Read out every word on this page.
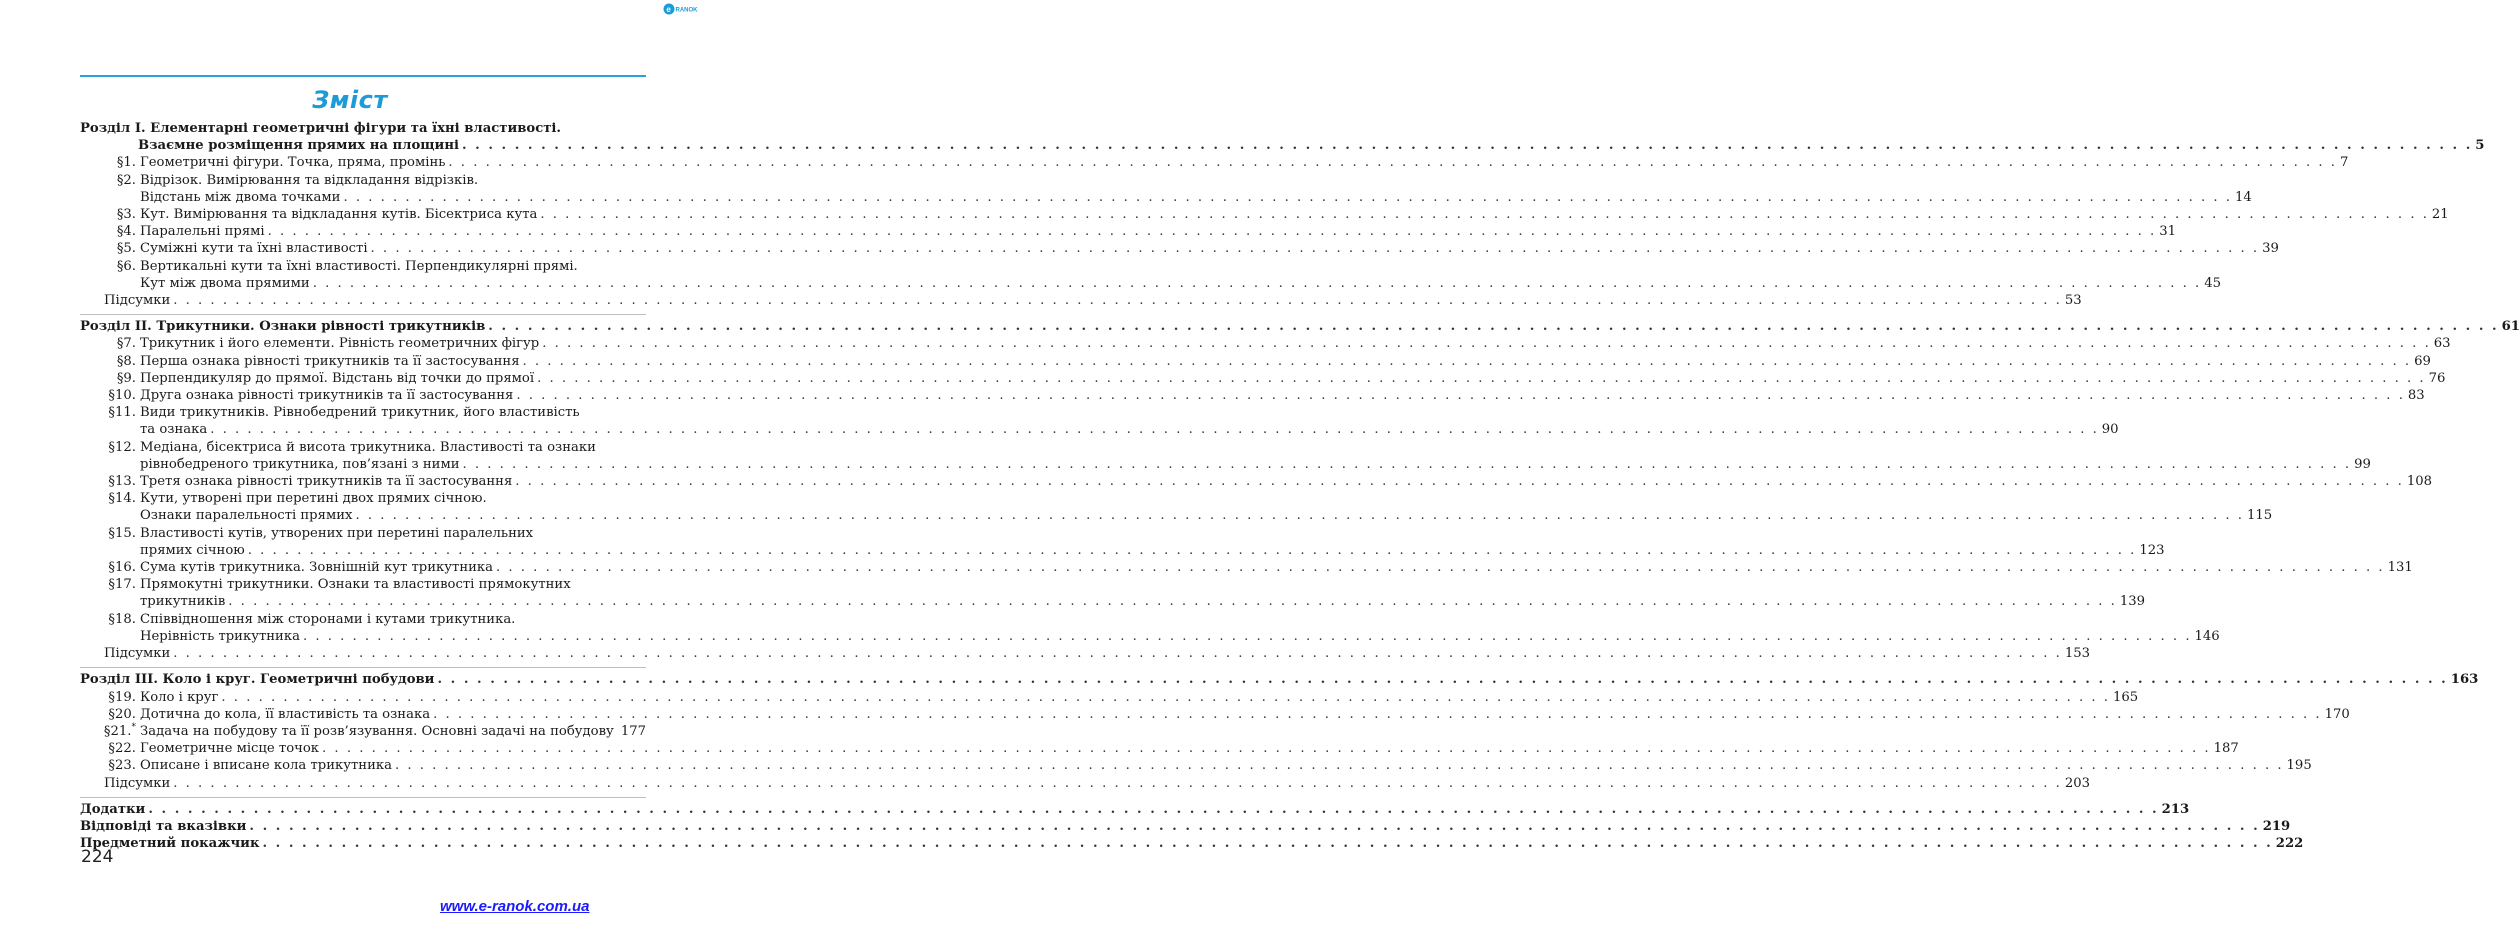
e RANOK
Зміст
Розділ I. Елементарні геометричні фігури та їхні властивості.
Взаємне розміщення прямих на площині . . .	5
§1. Геометричні фігури. Точка, пряма, промінь . . .	7
§2. Відрізок. Вимірювання та відкладання відрізків.
Відстань між двома точками . . .	14
§3. Кут. Вимірювання та відкладання кутів. Бісектриса кута . . .	21
§4. Паралельні прямі . . .	31
§5. Суміжні кути та їхні властивості . . .	39
§6. Вертикальні кути та їхні властивості. Перпендикулярні прямі.
Кут між двома прямими . . .	45
Підсумки . . .	53
Розділ II. Трикутники. Ознаки рівності трикутників . . .	61
§7. Трикутник і його елементи. Рівність геометричних фігур . . .	63
§8. Перша ознака рівності трикутників та її застосування . . .	69
§9. Перпендикуляр до прямої. Відстань від точки до прямої . . .	76
§10. Друга ознака рівності трикутників та її застосування . . .	83
§11. Види трикутників. Рівнобедрений трикутник, його властивість
та ознака . . .	90
§12. Медіана, бісектриса й висота трикутника. Властивості та ознаки
рівнобедреного трикутника, пов’язані з ними . . .	99
§13. Третя ознака рівності трикутників та її застосування . . .	108
§14. Кути, утворені при перетині двох прямих січною.
Ознаки паралельності прямих . . .	115
§15. Властивості кутів, утворених при перетині паралельних
прямих січною . . .	123
§16. Сума кутів трикутника. Зовнішній кут трикутника . . .	131
§17. Прямокутні трикутники. Ознаки та властивості прямокутних
трикутників . . .	139
§18. Співвідношення між сторонами і кутами трикутника.
Нерівність трикутника . . .	146
Підсумки . . .	153
Розділ III. Коло і круг. Геометричні побудови . . .	163
§19. Коло і круг . . .	165
§20. Дотична до кола, її властивість та ознака . . .	170
§21.* Задача на побудову та її розв’язування. Основні задачі на побудову . . . 177
§22. Геометричне місце точок . . .	187
§23. Описане і вписане кола трикутника . . .	195
Підсумки . . .	203
Додатки . . .	213
Відповіді та вказівки . . .	219
Предметний покажчик . . .	222
224
www.e-ranok.com.ua
